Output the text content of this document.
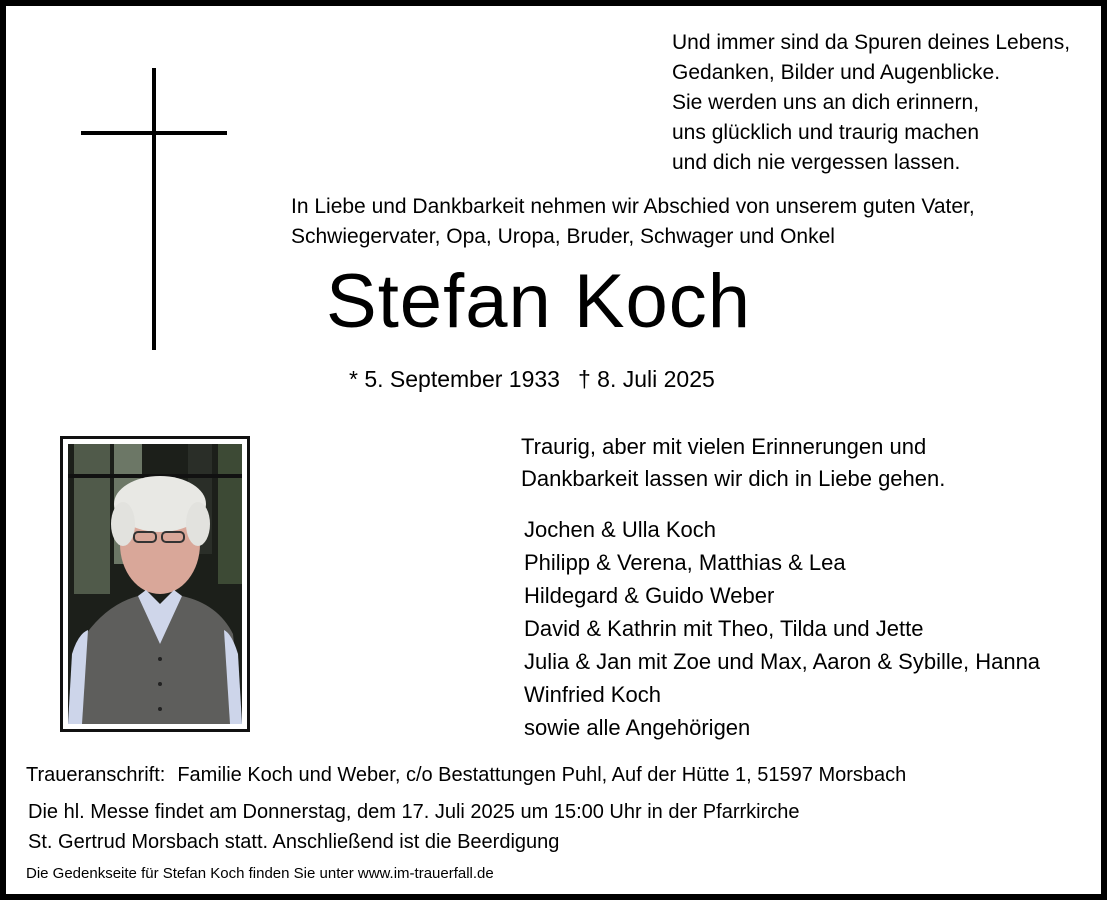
Und immer sind da Spuren deines Lebens,
Gedanken, Bilder und Augenblicke.
Sie werden uns an dich erinnern,
uns glücklich und traurig machen
und dich nie vergessen lassen.
In Liebe und Dankbarkeit nehmen wir Abschied von unserem guten Vater,
Schwiegervater, Opa, Uropa, Bruder, Schwager und Onkel
Stefan Koch
* 5. September 1933 † 8. Juli 2025
Traurig, aber mit vielen Erinnerungen und
Dankbarkeit lassen wir dich in Liebe gehen.
Jochen & Ulla Koch
Philipp & Verena, Matthias & Lea
Hildegard & Guido Weber
David & Kathrin mit Theo, Tilda und Jette
Julia & Jan mit Zoe und Max, Aaron & Sybille, Hanna
Winfried Koch
sowie alle Angehörigen
Traueranschrift: Familie Koch und Weber, c/o Bestattungen Puhl, Auf der Hütte 1, 51597 Morsbach
Die hl. Messe findet am Donnerstag, dem 17. Juli 2025 um 15:00 Uhr in der Pfarrkirche
St. Gertrud Morsbach statt. Anschließend ist die Beerdigung
Die Gedenkseite für Stefan Koch finden Sie unter www.im-trauerfall.de
